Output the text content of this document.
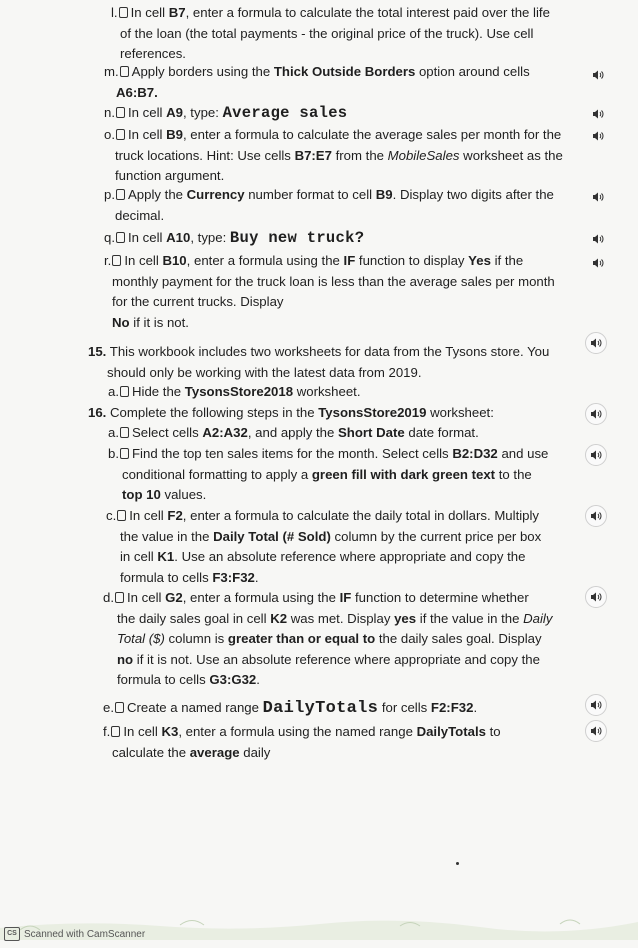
l. In cell B7, enter a formula to calculate the total interest paid over the life
of the loan (the total payments - the original price of the truck). Use cell
references.
m. Apply borders using the Thick Outside Borders option around cells
A6:B7.
n. In cell A9, type: Average sales
o. In cell B9, enter a formula to calculate the average sales per month for the
truck locations. Hint: Use cells B7:E7 from the MobileSales worksheet as the
function argument.
p. Apply the Currency number format to cell B9. Display two digits after the
decimal.
q. In cell A10, type: Buy new truck?
r. In cell B10, enter a formula using the IF function to display Yes if the
monthly payment for the truck loan is less than the average sales per month
for the current trucks. Display
No if it is not.
15. This workbook includes two worksheets for data from the Tysons store. You
should only be working with the latest data from 2019.
a. Hide the TysonsStore2018 worksheet.
16. Complete the following steps in the TysonsStore2019 worksheet:
a. Select cells A2:A32, and apply the Short Date date format.
b. Find the top ten sales items for the month. Select cells B2:D32 and use
conditional formatting to apply a green fill with dark green text to the
top 10 values.
c. In cell F2, enter a formula to calculate the daily total in dollars. Multiply
the value in the Daily Total (# Sold) column by the current price per box
in cell K1. Use an absolute reference where appropriate and copy the
formula to cells F3:F32.
d. In cell G2, enter a formula using the IF function to determine whether
the daily sales goal in cell K2 was met. Display yes if the value in the Daily
Total ($) column is greater than or equal to the daily sales goal. Display
no if it is not. Use an absolute reference where appropriate and copy the
formula to cells G3:G32.
e. Create a named range DailyTotals for cells F2:F32.
f. In cell K3, enter a formula using the named range DailyTotals to
calculate the average daily
CS Scanned with CamScanner
